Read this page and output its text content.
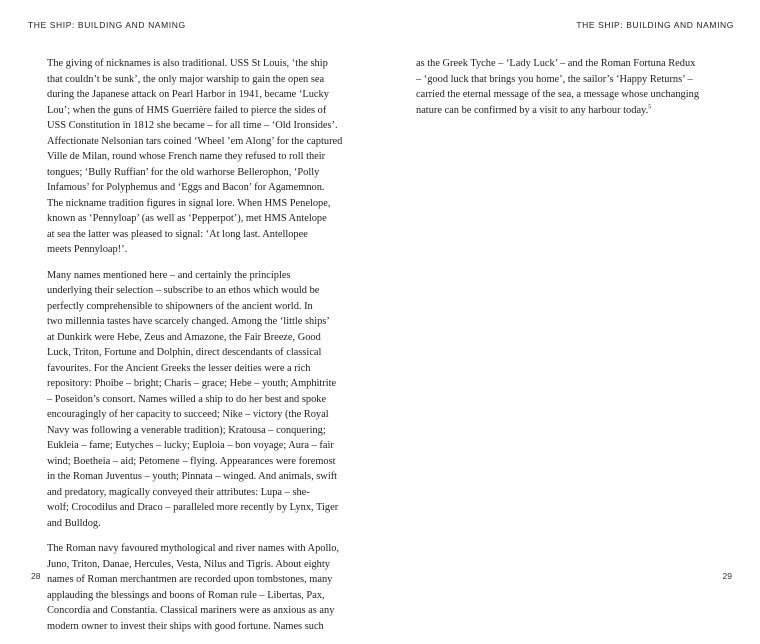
THE SHIP: BUILDING AND NAMING

The giving of nicknames is also traditional. USS St Louis, ‘the ship
that couldn’t be sunk’, the only major warship to gain the open sea
during the Japanese attack on Pearl Harbor in 1941, became ‘Lucky
Lou’; when the guns of HMS Guerrière failed to pierce the sides of
USS Constitution in 1812 she became – for all time – ‘Old Ironsides’.
Affectionate Nelsonian tars coined ‘Wheel ’em Along’ for the captured
Ville de Milan, round whose French name they refused to roll their
tongues; ‘Bully Ruffian’ for the old warhorse Bellerophon, ‘Polly
Infamous’ for Polyphemus and ‘Eggs and Bacon’ for Agamemnon.
The nickname tradition figures in signal lore. When HMS Penelope,
known as ‘Pennyloap’ (as well as ‘Pepperpot’), met HMS Antelope
at sea the latter was pleased to signal: ‘At long last. Antellopee
meets Pennyloap!’.

Many names mentioned here – and certainly the principles
underlying their selection – subscribe to an ethos which would be
perfectly comprehensible to shipowners of the ancient world. In
two millennia tastes have scarcely changed. Among the ‘little ships’
at Dunkirk were Hebe, Zeus and Amazone, the Fair Breeze, Good
Luck, Triton, Fortune and Dolphin, direct descendants of classical
favourites. For the Ancient Greeks the lesser deities were a rich
repository: Phoibe – bright; Charis – grace; Hebe – youth; Amphitrite
– Poseidon’s consort. Names willed a ship to do her best and spoke
encouragingly of her capacity to succeed; Nike – victory (the Royal
Navy was following a venerable tradition); Kratousa – conquering;
Eukleia – fame; Eutyches – lucky; Euploia – bon voyage; Aura – fair
wind; Boetheia – aid; Petomene – flying. Appearances were foremost
in the Roman Juventus – youth; Pinnata – winged. And animals, swift
and predatory, magically conveyed their attributes: Lupa – she-
wolf; Crocodilus and Draco – paralleled more recently by Lynx, Tiger
and Bulldog.

The Roman navy favoured mythological and river names with Apollo,
Juno, Triton, Danae, Hercules, Vesta, Nilus and Tigris. About eighty
names of Roman merchantmen are recorded upon tombstones, many
applauding the blessings and boons of Roman rule – Libertas, Pax,
Concordia and Constantia. Classical mariners were as anxious as any
modern owner to invest their ships with good fortune. Names such

28
THE SHIP: BUILDING AND NAMING

as the Greek Tyche – ‘Lady Luck’ – and the Roman Fortuna Redux
– ‘good luck that brings you home’, the sailor’s ‘Happy Returns’ –
carried the eternal message of the sea, a message whose unchanging
nature can be confirmed by a visit to any harbour today.$^5$

29
